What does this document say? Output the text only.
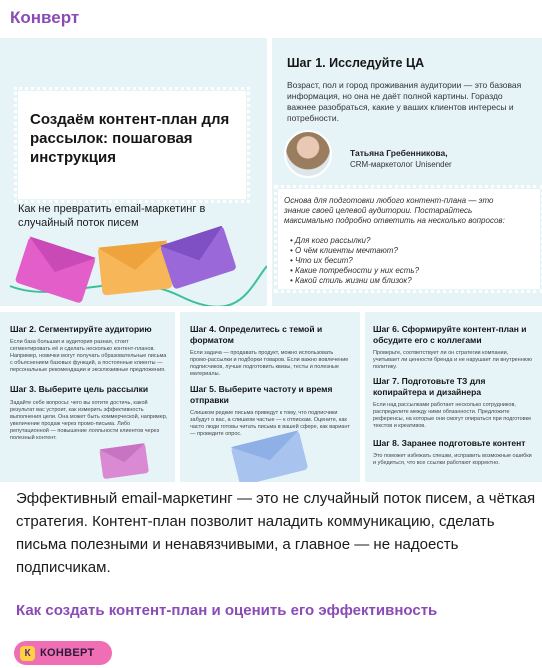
Конверт
Создаём контент-план для рассылок: пошаговая инструкция
Как не превратить email-маркетинг в случайный поток писем
Шаг 1. Исследуйте ЦА
Возраст, пол и город проживания аудитории — это базовая информация, но она не даёт полной картины. Гораздо важнее разобраться, какие у ваших клиентов интересы и потребности.
Татьяна Гребенникова,
CRM-маркетолог Unisender
Основа для подготовки любого контент-плана — это знание своей целевой аудитории. Постарайтесь максимально подробно ответить на несколько вопросов:
• Для кого рассылки?
• О чём клиенты мечтают?
• Что их бесит?
• Какие потребности у них есть?
• Какой стиль жизни им близок?
Шаг 2. Сегментируйте аудиторию
Если база большая и аудитория разная, стоит сегментировать её и сделать несколько контент-планов. Например, новички могут получать образовательные письма с объяснением базовых функций, а постоянные клиенты — персональные рекомендации и эксклюзивные предложения.
Шаг 3. Выберите цель рассылки
Задайте себе вопросы: чего вы хотите достичь, какой результат вас устроит, как измерить эффективность выполнения цели. Она может быть коммерческой, например, увеличение продаж через промо-письма. Либо репутационной — повышение лояльности клиентов через полезный контент.
Шаг 4. Определитесь с темой и форматом
Если задача — продавать продукт, можно использовать промо-рассылки и подборки товаров. Если важно вовлечение подписчиков, лучше подготовить квизы, тесты и полезные материалы.
Шаг 5. Выберите частоту и время отправки
Слишком редкие письма приведут к тому, что подписчики забудут о вас, а слишком частые — к отпискам. Оцените, как часто люди готовы читать письма в вашей сфере, как вариант — проведите опрос.
Шаг 6. Сформируйте контент-план и обсудите его с коллегами
Проверьте, соответствует ли он стратегии компании, учитывает ли ценности бренда и не нарушает ли внутреннюю политику.
Шаг 7. Подготовьте ТЗ для копирайтера и дизайнера
Если над рассылками работает несколько сотрудников, распределите между ними обязанности. Предложите референсы, на которые они смогут опираться при подготовке текстов и креативов.
Шаг 8. Заранее подготовьте контент
Это поможет избежать спешки, исправить возможные ошибки и убедиться, что все ссылки работают корректно.
Эффективный email-маркетинг — это не случайный поток писем, а чёткая стратегия. Контент-план позволит наладить коммуникацию, сделать письма полезными и ненавязчивыми, а главное — не надоесть подписчикам.
Как создать контент-план и оценить его эффективность
К КОНВЕРТ
